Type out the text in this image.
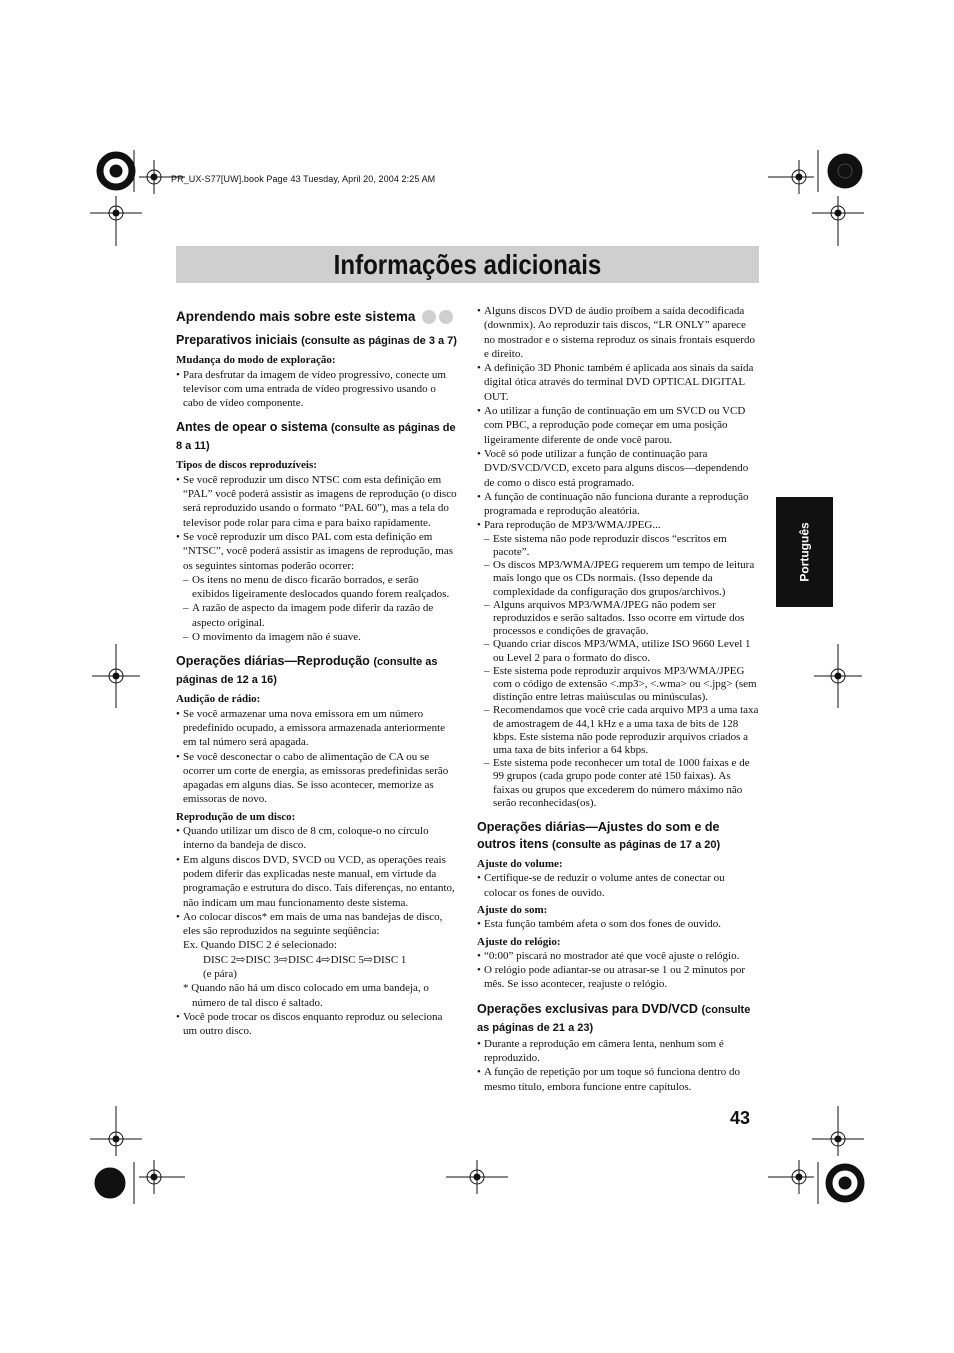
PR_UX-S77[UW].book Page 43 Tuesday, April 20, 2004 2:25 AM
Informações adicionais
Aprendendo mais sobre este sistema
Preparativos iniciais (consulte as páginas de 3 a 7)
Mudança do modo de exploração:
• Para desfrutar da imagem de vídeo progressivo, conecte um televisor com uma entrada de vídeo progressivo usando o cabo de vídeo componente.
Antes de opear o sistema (consulte as páginas de 8 a 11)
Tipos de discos reproduzíveis:
• Se você reproduzir um disco NTSC com esta definição em “PAL” você poderá assistir as imagens de reprodução (o disco será reproduzido usando o formato “PAL 60”), mas a tela do televisor pode rolar para cima e para baixo rapidamente.
• Se você reproduzir um disco PAL com esta definição em “NTSC”, você poderá assistir as imagens de reprodução, mas os seguintes sintomas poderão ocorrer:
– Os itens no menu de disco ficarão borrados, e serão exibidos ligeiramente deslocados quando forem realçados.
– A razão de aspecto da imagem pode diferir da razão de aspecto original.
– O movimento da imagem não é suave.
Operações diárias—Reprodução (consulte as páginas de 12 a 16)
Audição de rádio:
• Se você armazenar uma nova emissora em um número predefinido ocupado, a emissora armazenada anteriormente em tal número será apagada.
• Se você desconectar o cabo de alimentação de CA ou se ocorrer um corte de energia, as emissoras predefinidas serão apagadas em alguns dias. Se isso acontecer, memorize as emissoras de novo.
Reprodução de um disco:
• Quando utilizar um disco de 8 cm, coloque-o no círculo interno da bandeja de disco.
• Em alguns discos DVD, SVCD ou VCD, as operações reais podem diferir das explicadas neste manual, em virtude da programação e estrutura do disco. Tais diferenças, no entanto, não indicam um mau funcionamento deste sistema.
• Ao colocar discos* em mais de uma nas bandejas de disco, eles são reproduzidos na seguinte seqüência:
Ex. Quando DISC 2 é selecionado:
DISC 2⇨DISC 3⇨DISC 4⇨DISC 5⇨DISC 1
(e pára)
* Quando não há um disco colocado em uma bandeja, o número de tal disco é saltado.
• Você pode trocar os discos enquanto reproduz ou seleciona um outro disco.
• Alguns discos DVD de áudio proíbem a saída decodificada (downmix). Ao reproduzir tais discos, “LR ONLY” aparece no mostrador e o sistema reproduz os sinais frontais esquerdo e direito.
• A definição 3D Phonic também é aplicada aos sinais da saída digital ótica através do terminal DVD OPTICAL DIGITAL OUT.
• Ao utilizar a função de continuação em um SVCD ou VCD com PBC, a reprodução pode começar em uma posição ligeiramente diferente de onde você parou.
• Você só pode utilizar a função de continuação para DVD/SVCD/VCD, exceto para alguns discos—dependendo de como o disco está programado.
• A função de continuação não funciona durante a reprodução programada e reprodução aleatória.
• Para reprodução de MP3/WMA/JPEG...
– Este sistema não pode reproduzir discos “escritos em pacote”.
– Os discos MP3/WMA/JPEG requerem um tempo de leitura mais longo que os CDs normais. (Isso depende da complexidade da configuração dos grupos/archivos.)
– Alguns arquivos MP3/WMA/JPEG não podem ser reproduzidos e serão saltados. Isso ocorre em virtude dos processos e condições de gravação.
– Quando criar discos MP3/WMA, utilize ISO 9660 Level 1 ou Level 2 para o formato do disco.
– Este sistema pode reproduzir arquivos MP3/WMA/JPEG com o código de extensão <.mp3>, <.wma> ou <.jpg> (sem distinção entre letras maiúsculas ou minúsculas).
– Recomendamos que você crie cada arquivo MP3 a uma taxa de amostragem de 44,1 kHz e a uma taxa de bits de 128 kbps. Este sistema não pode reproduzir arquivos criados a uma taxa de bits inferior a 64 kbps.
– Este sistema pode reconhecer um total de 1000 faixas e de 99 grupos (cada grupo pode conter até 150 faixas). As faixas ou grupos que excederem do número máximo não serão reconhecidas(os).
Operações diárias—Ajustes do som e de outros itens (consulte as páginas de 17 a 20)
Ajuste do volume:
• Certifique-se de reduzir o volume antes de conectar ou colocar os fones de ouvido.
Ajuste do som:
• Esta função também afeta o som dos fones de ouvido.
Ajuste do relógio:
• “0:00” piscará no mostrador até que você ajuste o relógio.
• O relógio pode adiantar-se ou atrasar-se 1 ou 2 minutos por mês. Se isso acontecer, reajuste o relógio.
Operações exclusivas para DVD/VCD (consulte as páginas de 21 a 23)
• Durante a reprodução em câmera lenta, nenhum som é reproduzido.
• A função de repetição por um toque só funciona dentro do mesmo título, embora funcione entre capítulos.
Português
43
